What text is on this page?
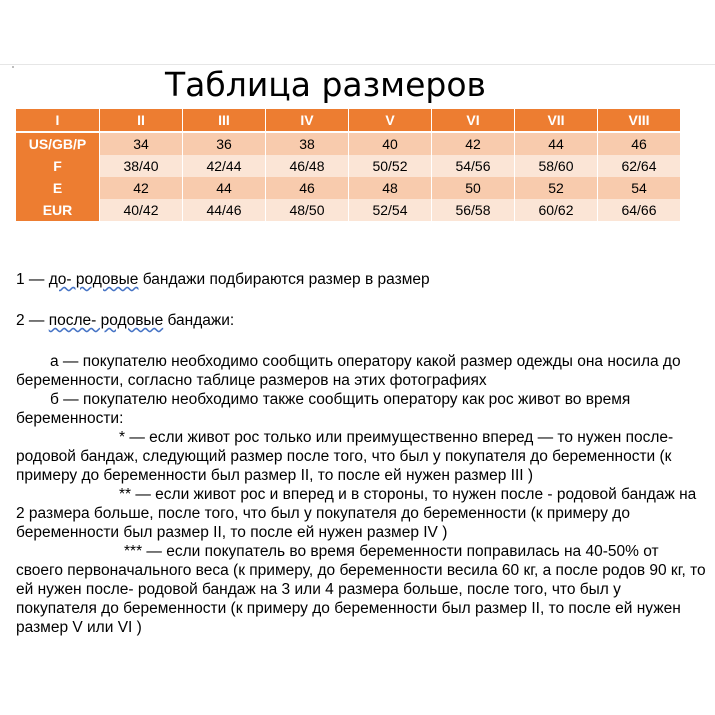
Таблица размеров
I	II	III	IV	V	VI	VII	VIII
US/GB/P	34	36	38	40	42	44	46
F	38/40	42/44	46/48	50/52	54/56	58/60	62/64
E	42	44	46	48	50	52	54
EUR	40/42	44/46	48/50	52/54	56/58	60/62	64/66

1 — до- родовые бандажи подбираются размер в размер

2 — после- родовые бандажи:

а — покупателю необходимо сообщить оператору какой размер одежды она носила до беременности, согласно таблице размеров на этих фотографиях

б — покупателю необходимо также сообщить оператору как рос живот во время беременности:

* — если живот рос только или преимущественно вперед — то нужен после- родовой бандаж, следующий размер после того, что был у покупателя до беременности (к примеру до беременности был размер II, то после ей нужен размер III )

** — если живот рос и вперед и в стороны, то нужен после - родовой бандаж на 2 размера больше, после того, что был у покупателя до беременности (к примеру до беременности был размер II, то после ей нужен размер IV )

*** — если покупатель во время беременности поправилась на 40-50% от своего первоначального веса (к примеру, до беременности весила 60 кг, а после родов 90 кг, то ей нужен после- родовой бандаж на 3 или 4 размера больше, после того, что был у покупателя до беременности (к примеру до беременности был размер II, то после ей нужен размер V или VI )
